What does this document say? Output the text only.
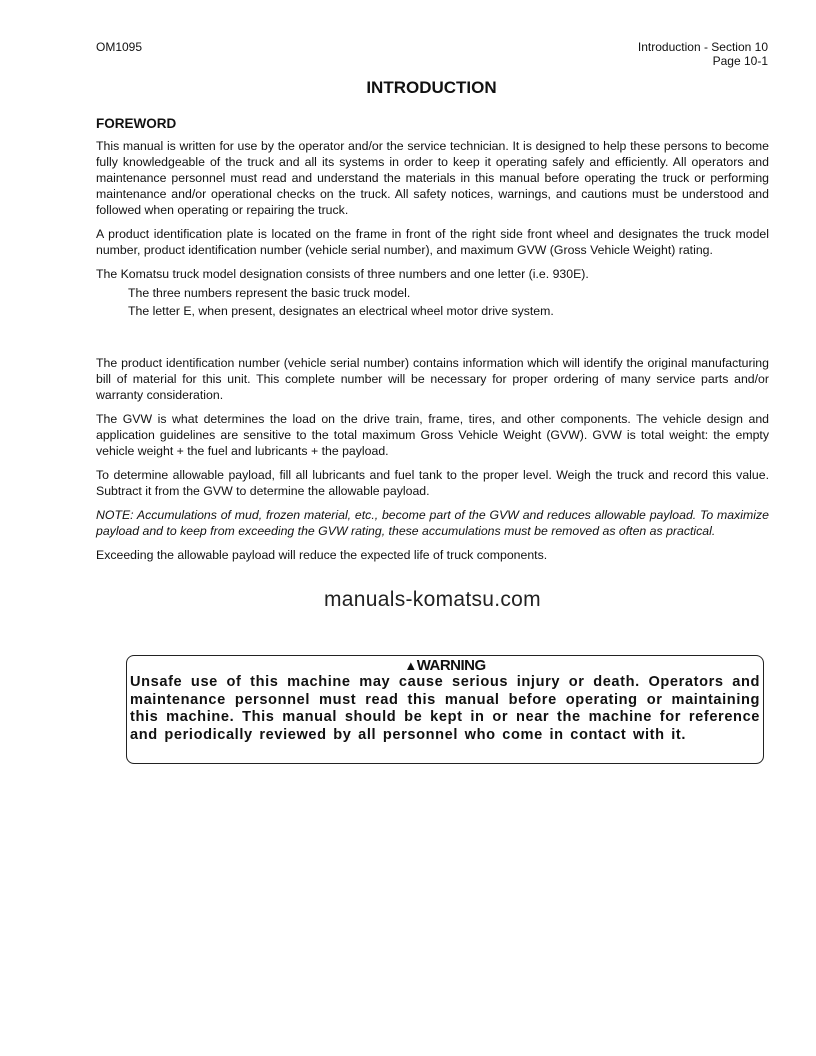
OM1095	Introduction - Section 10
Page 10-1
INTRODUCTION
FOREWORD

This manual is written for use by the operator and/or the service technician. It is designed to help these persons to become fully knowledgeable of the truck and all its systems in order to keep it operating safely and efficiently. All operators and maintenance personnel must read and understand the materials in this manual before operating the truck or performing maintenance and/or operational checks on the truck. All safety notices, warnings, and cautions must be understood and followed when operating or repairing the truck.

A product identification plate is located on the frame in front of the right side front wheel and designates the truck model number, product identification number (vehicle serial number), and maximum GVW (Gross Vehicle Weight) rating.

The Komatsu truck model designation consists of three numbers and one letter (i.e. 930E).

The three numbers represent the basic truck model.

The letter E, when present, designates an electrical wheel motor drive system.

The product identification number (vehicle serial number) contains information which will identify the original manufacturing bill of material for this unit. This complete number will be necessary for proper ordering of many service parts and/or warranty consideration.

The GVW is what determines the load on the drive train, frame, tires, and other components. The vehicle design and application guidelines are sensitive to the total maximum Gross Vehicle Weight (GVW). GVW is total weight: the empty vehicle weight + the fuel and lubricants + the payload.

To determine allowable payload, fill all lubricants and fuel tank to the proper level. Weigh the truck and record this value. Subtract it from the GVW to determine the allowable payload.

NOTE: Accumulations of mud, frozen material, etc., become part of the GVW and reduces allowable payload. To maximize payload and to keep from exceeding the GVW rating, these accumulations must be removed as often as practical.

Exceeding the allowable payload will reduce the expected life of truck components.

manuals-komatsu.com
▲WARNING
Unsafe use of this machine may cause serious injury or death. Operators and maintenance personnel must read this manual before operating or maintaining this machine. This manual should be kept in or near the machine for reference and periodically reviewed by all personnel who come in contact with it.
